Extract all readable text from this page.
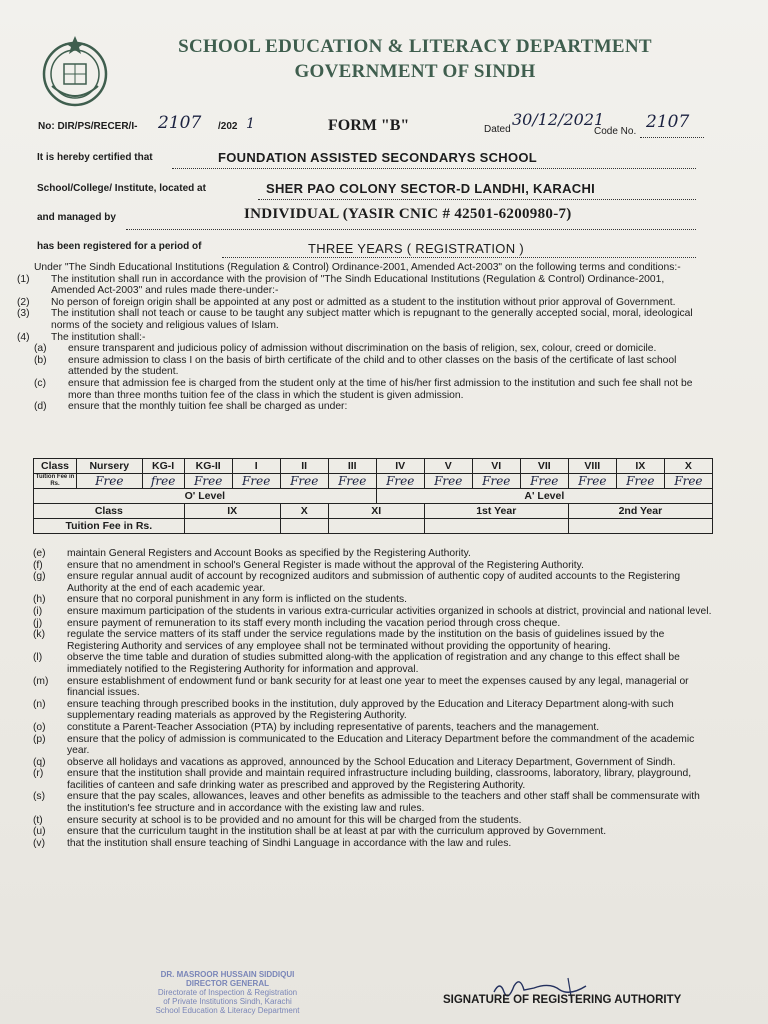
SCHOOL EDUCATION & LITERACY DEPARTMENT
GOVERNMENT OF SINDH
No: DIR/PS/RECER/I- 2107 /202 1	FORM "B"	Dated
30/12/2021
Code No. 2107
It is hereby certified that	FOUNDATION ASSISTED SECONDARYS SCHOOL
School/College/ Institute, located at	SHER PAO COLONY SECTOR-D LANDHI, KARACHI
and managed by	INDIVIDUAL (YASIR CNIC # 42501-6200980-7)
has been registered for a period of	THREE YEARS ( REGISTRATION )

Under "The Sindh Educational Institutions (Regulation & Control) Ordinance-2001, Amended Act-2003" on the following terms and conditions:-

(1) The institution shall run in accordance with the provision of "The Sindh Educational Institutions (Regulation & Control) Ordinance-2001, Amended Act-2003" and rules made there-under:-

(2) No person of foreign origin shall be appointed at any post or admitted as a student to the institution without prior approval of Government.

(3) The institution shall not teach or cause to be taught any subject matter which is repugnant to the generally accepted social, moral, ideological norms of the society and religious values of Islam.

(4) The institution shall:-

(a) ensure transparent and judicious policy of admission without discrimination on the basis of religion, sex, colour, creed or domicile.

(b) ensure admission to class I on the basis of birth certificate of the child and to other classes on the basis of the certificate of last school attended by the student.

(c) ensure that admission fee is charged from the student only at the time of his/her first admission to the institution and such fee shall not be more than three months tuition fee of the class in which the student is given admission.

(d) ensure that the monthly tuition fee shall be charged as under:

Class	Nursery	KG-I	KG-II	I	II	III	IV	V	VI	VII	VIII	IX	X
Tuition Fee in Rs.	Free	free	Free	Free	Free	Free	Free	Free	Free	Free	Free	Free	Free
O' Level							A' Level						
Class			IX		X	XI		1st Year			2nd Year		
Tuition Fee in Rs.													

(e) maintain General Registers and Account Books as specified by the Registering Authority.

(f) ensure that no amendment in school's General Register is made without the approval of the Registering Authority.

(g) ensure regular annual audit of account by recognized auditors and submission of authentic copy of audited accounts to the Registering Authority at the end of each academic year.

(h) ensure that no corporal punishment in any form is inflicted on the students.

(i) ensure maximum participation of the students in various extra-curricular activities organized in schools at district, provincial and national level.

(j) ensure payment of remuneration to its staff every month including the vacation period through cross cheque.

(k) regulate the service matters of its staff under the service regulations made by the institution on the basis of guidelines issued by the Registering Authority and services of any employee shall not be terminated without providing the opportunity of hearing.

(l) observe the time table and duration of studies submitted along-with the application of registration and any change to this effect shall be immediately notified to the Registering Authority for information and approval.

(m) ensure establishment of endowment fund or bank security for at least one year to meet the expenses caused by any legal, managerial or financial issues.

(n) ensure teaching through prescribed books in the institution, duly approved by the Education and Literacy Department along-with such supplementary reading materials as approved by the Registering Authority.

(o) constitute a Parent-Teacher Association (PTA) by including representative of parents, teachers and the management.

(p) ensure that the policy of admission is communicated to the Education and Literacy Department before the commandment of the academic year.

(q) observe all holidays and vacations as approved, announced by the School Education and Literacy Department, Government of Sindh.

(r) ensure that the institution shall provide and maintain required infrastructure including building, classrooms, laboratory, library, playground, facilities of canteen and safe drinking water as prescribed and approved by the Registering Authority.

(s) ensure that the pay scales, allowances, leaves and other benefits as admissible to the teachers and other staff shall be commensurate with the institution's fee structure and in accordance with the existing law and rules.

(t) ensure security at school is to be provided and no amount for this will be charged from the students.

(u) ensure that the curriculum taught in the institution shall be at least at par with the curriculum approved by Government.

(v) that the institution shall ensure teaching of Sindhi Language in accordance with the law and rules.

DR. MASROOR HUSSAIN SIDDIQUI
DIRECTOR GENERAL
Directorate of Inspection & Registration
of Private Institutions Sindh, Karachi
School Education & Literacy Department
SIGNATURE OF REGISTERING AUTHORITY
